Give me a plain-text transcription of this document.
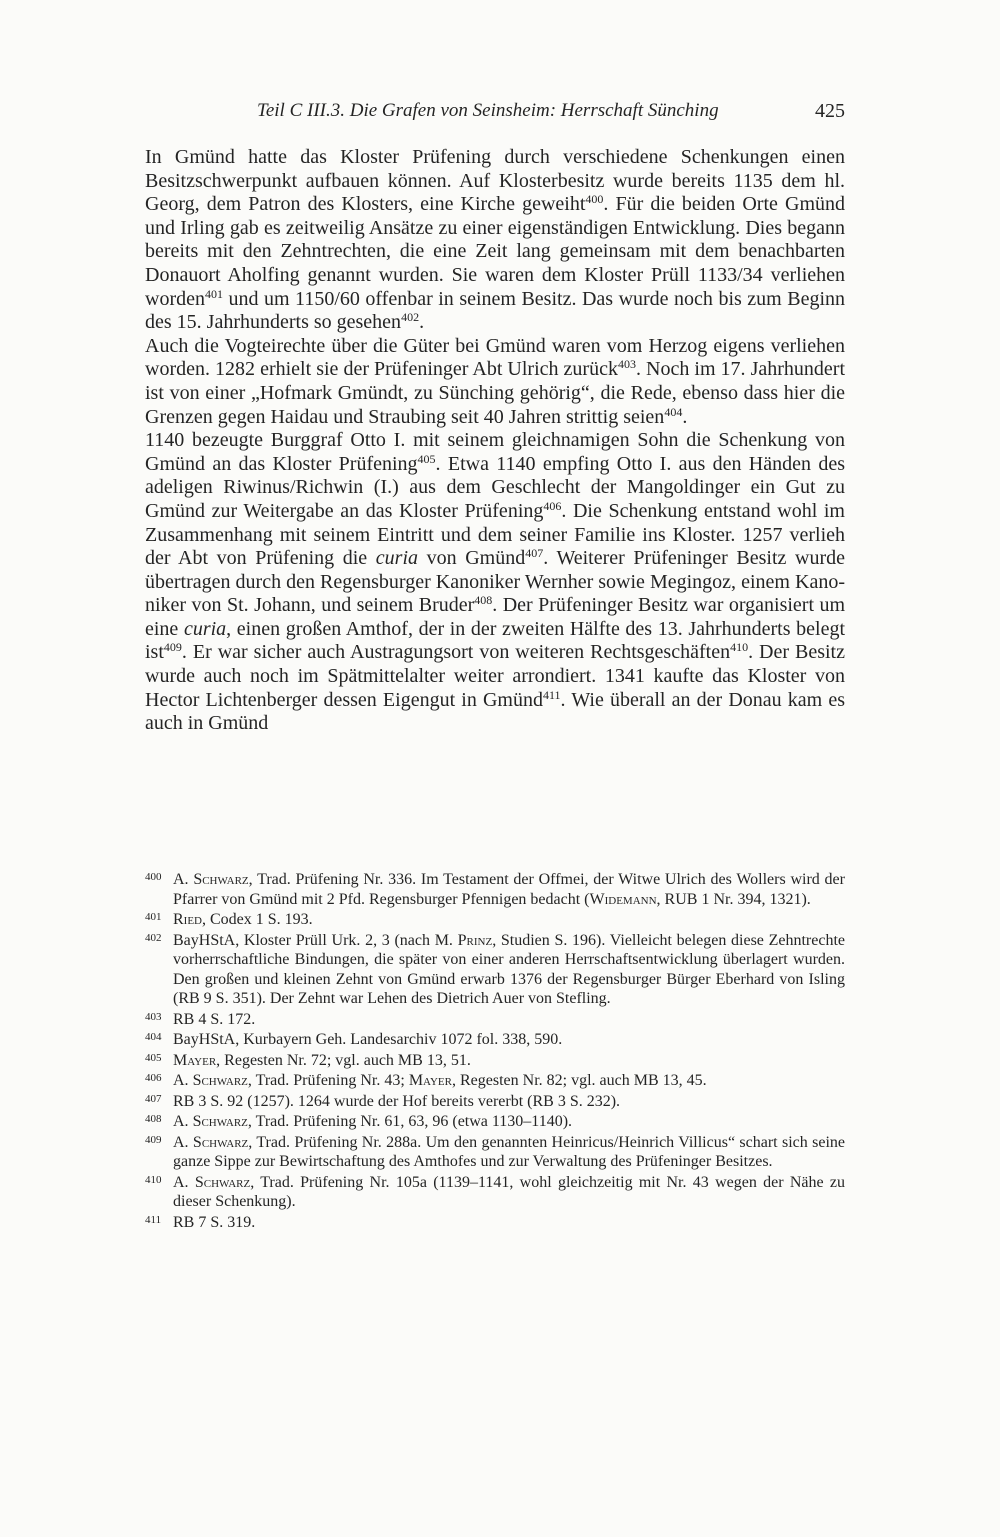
Teil C III.3. Die Grafen von Seinsheim: Herrschaft Sünching	425

In Gmünd hatte das Kloster Prüfening durch verschiedene Schenkungen einen Besitzschwerpunkt aufbauen können. Auf Klosterbesitz wurde bereits 1135 dem hl. Georg, dem Patron des Klosters, eine Kirche geweiht$^{400}$. Für die beiden Orte Gmünd und Irling gab es zeitweilig Ansätze zu einer eigenständigen Entwicklung. Dies begann bereits mit den Zehntrechten, die eine Zeit lang gemeinsam mit dem benachbarten Donauort Aholfing genannt wurden. Sie waren dem Kloster Prüll 1133/34 verliehen worden$^{401}$ und um 1150/60 offenbar in seinem Besitz. Das wurde noch bis zum Beginn des 15. Jahrhunderts so gesehen$^{402}$.

Auch die Vogteirechte über die Güter bei Gmünd waren vom Herzog eigens verliehen worden. 1282 erhielt sie der Prüfeninger Abt Ulrich zurück$^{403}$. Noch im 17. Jahrhundert ist von einer „Hofmark Gmündt, zu Sünching gehörig“, die Rede, ebenso dass hier die Grenzen gegen Haidau und Straubing seit 40 Jahren strittig seien$^{404}$.

1140 bezeugte Burggraf Otto I. mit seinem gleichnamigen Sohn die Schenkung von Gmünd an das Kloster Prüfening$^{405}$. Etwa 1140 empfing Otto I. aus den Händen des adeligen Riwinus/Richwin (I.) aus dem Geschlecht der Mangoldinger ein Gut zu Gmünd zur Weitergabe an das Kloster Prüfening$^{406}$. Die Schenkung entstand wohl im Zusammenhang mit seinem Eintritt und dem seiner Familie ins Kloster. 1257 verlieh der Abt von Prüfening die curia von Gmünd$^{407}$. Weiterer Prüfeninger Besitz wurde übertragen durch den Regensburger Kanoniker Wernher sowie Megingoz, einem Kanoniker von St. Johann, und seinem Bruder$^{408}$. Der Prüfeninger Besitz war organisiert um eine curia, einen großen Amthof, der in der zweiten Hälfte des 13. Jahrhunderts belegt ist$^{409}$. Er war sicher auch Austragungsort von weiteren Rechtsgeschäften$^{410}$. Der Besitz wurde auch noch im Spätmittelalter weiter arrondiert. 1341 kaufte das Kloster von Hector Lichtenberger dessen Eigengut in Gmünd$^{411}$. Wie überall an der Donau kam es auch in Gmünd

400 A. Schwarz, Trad. Prüfening Nr. 336. Im Testament der Offmei, der Witwe Ulrich des Wollers wird der Pfarrer von Gmünd mit 2 Pfd. Regensburger Pfennigen bedacht (Widemann, RUB 1 Nr. 394, 1321).
401 Ried, Codex 1 S. 193.
402 BayHStA, Kloster Prüll Urk. 2, 3 (nach M. Prinz, Studien S. 196). Vielleicht belegen diese Zehntrechte vorherrschaftliche Bindungen, die später von einer anderen Herrschaftsentwicklung überlagert wurden. Den großen und kleinen Zehnt von Gmünd erwarb 1376 der Regensburger Bürger Eberhard von Isling (RB 9 S. 351). Der Zehnt war Lehen des Dietrich Auer von Stefling.
403 RB 4 S. 172.
404 BayHStA, Kurbayern Geh. Landesarchiv 1072 fol. 338, 590.
405 Mayer, Regesten Nr. 72; vgl. auch MB 13, 51.
406 A. Schwarz, Trad. Prüfening Nr. 43; Mayer, Regesten Nr. 82; vgl. auch MB 13, 45.
407 RB 3 S. 92 (1257). 1264 wurde der Hof bereits vererbt (RB 3 S. 232).
408 A. Schwarz, Trad. Prüfening Nr. 61, 63, 96 (etwa 1130–1140).
409 A. Schwarz, Trad. Prüfening Nr. 288a. Um den genannten Heinricus/Heinrich Villicus“ schart sich seine ganze Sippe zur Bewirtschaftung des Amthofes und zur Verwaltung des Prüfeninger Besitzes.
410 A. Schwarz, Trad. Prüfening Nr. 105a (1139–1141, wohl gleichzeitig mit Nr. 43 wegen der Nähe zu dieser Schenkung).
411 RB 7 S. 319.
